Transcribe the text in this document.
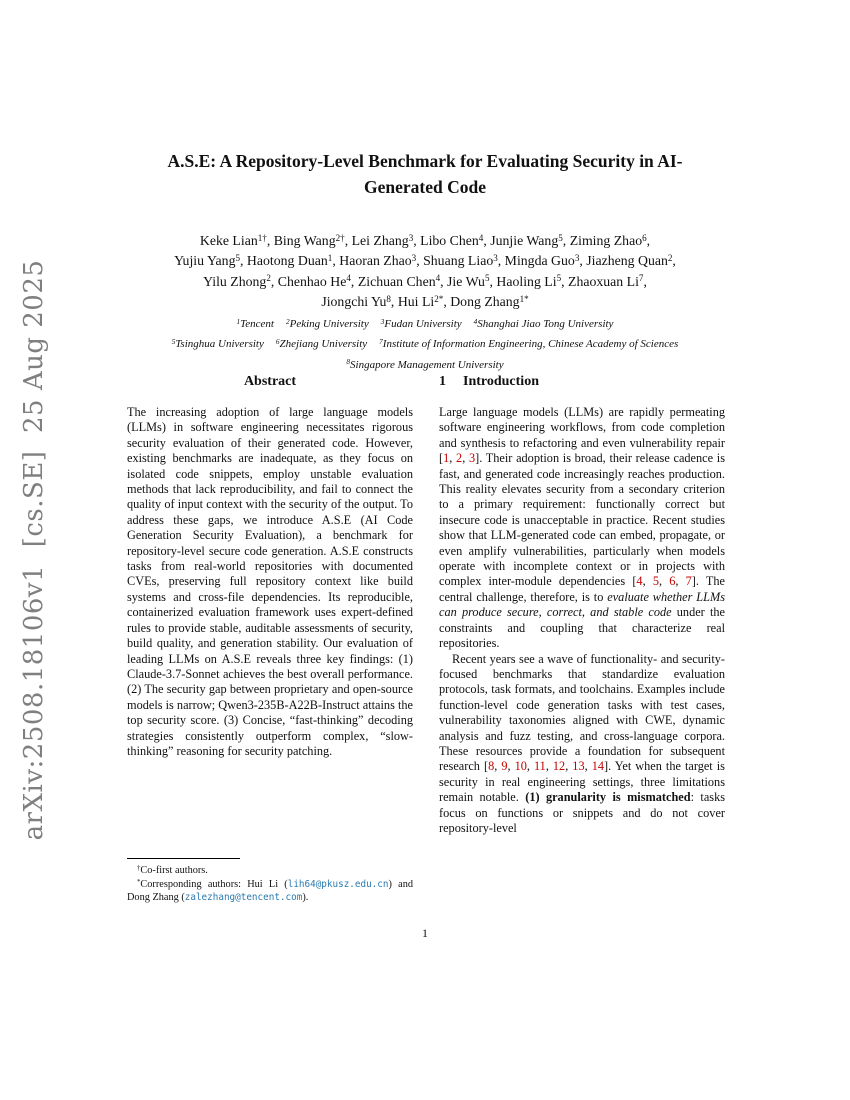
arXiv:2508.18106v1  [cs.SE]  25 Aug 2025
A.S.E: A Repository-Level Benchmark for Evaluating Security in AI-Generated Code
Keke Lian$^{1\dagger}$, Bing Wang$^{2\dagger}$, Lei Zhang$^3$, Libo Chen$^4$, Junjie Wang$^5$, Ziming Zhao$^6$,
Yujiu Yang$^5$, Haotong Duan$^1$, Haoran Zhao$^3$, Shuang Liao$^3$, Mingda Guo$^3$, Jiazheng Quan$^2$,
Yilu Zhong$^2$, Chenhao He$^4$, Zichuan Chen$^4$, Jie Wu$^5$, Haoling Li$^5$, Zhaoxuan Li$^7$,
Jiongchi Yu$^8$, Hui $Li^{2*}$, Dong Zhang$^{1*}$
$^1$Tencent $^2$Peking University $^3$Fudan University $^4$Shanghai Jiao Tong University
$^5$Tsinghua University $^6$Zhejiang University $^7$Institute of Information Engineering, Chinese Academy of Sciences
$^8$Singapore Management University
Abstract

The increasing adoption of large language models (LLMs) in software engineering necessitates rigorous security evaluation of their generated code. However, existing benchmarks are inadequate, as they focus on isolated code snippets, employ unstable evaluation methods that lack reproducibility, and fail to connect the quality of input context with the security of the output. To address these gaps, we introduce A.S.E (AI Code Generation Security Evaluation), a benchmark for repository-level secure code generation. A.S.E constructs tasks from real-world repositories with documented CVEs, preserving full repository context like build systems and cross-file dependencies. Its reproducible, containerized evaluation framework uses expert-defined rules to provide stable, auditable assessments of security, build quality, and generation stability. Our evaluation of leading LLMs on A.S.E reveals three key findings: (1) Claude-3.7-Sonnet achieves the best overall performance. (2) The security gap between proprietary and open-source models is narrow; Qwen3-235B-A22B-Instruct attains the top security score. (3) Concise, “fast-thinking” decoding strategies consistently outperform complex, “slow-thinking” reasoning for security patching.

1 Introduction

Large language models (LLMs) are rapidly permeating software engineering workflows, from code completion and synthesis to refactoring and even vulnerability repair [1, 2, 3]. Their adoption is broad, their release cadence is fast, and generated code increasingly reaches production. This reality elevates security from a secondary criterion to a primary requirement: functionally correct but insecure code is unacceptable in practice. Recent studies show that LLM-generated code can embed, propagate, or even amplify vulnerabilities, particularly when models operate with incomplete context or in projects with complex inter-module dependencies [4, 5, 6, 7]. The central challenge, therefore, is to evaluate whether LLMs can produce secure, correct, and stable code under the constraints and coupling that characterize real repositories.

Recent years see a wave of functionality- and security-focused benchmarks that standardize evaluation protocols, task formats, and toolchains. Examples include function-level code generation tasks with test cases, vulnerability taxonomies aligned with CWE, dynamic analysis and fuzz testing, and cross-language corpora. These resources provide a foundation for subsequent research [8, 9, 10, 11, 12, 13, 14]. Yet when the target is security in real engineering settings, three limitations remain notable. (1) granularity is mismatched: tasks focus on functions or snippets and do not cover repository-level

†Co-first authors.

*Corresponding authors: Hui Li (lih64@pkusz.edu.cn) and Dong Zhang (zalezhang@tencent.com).

1
